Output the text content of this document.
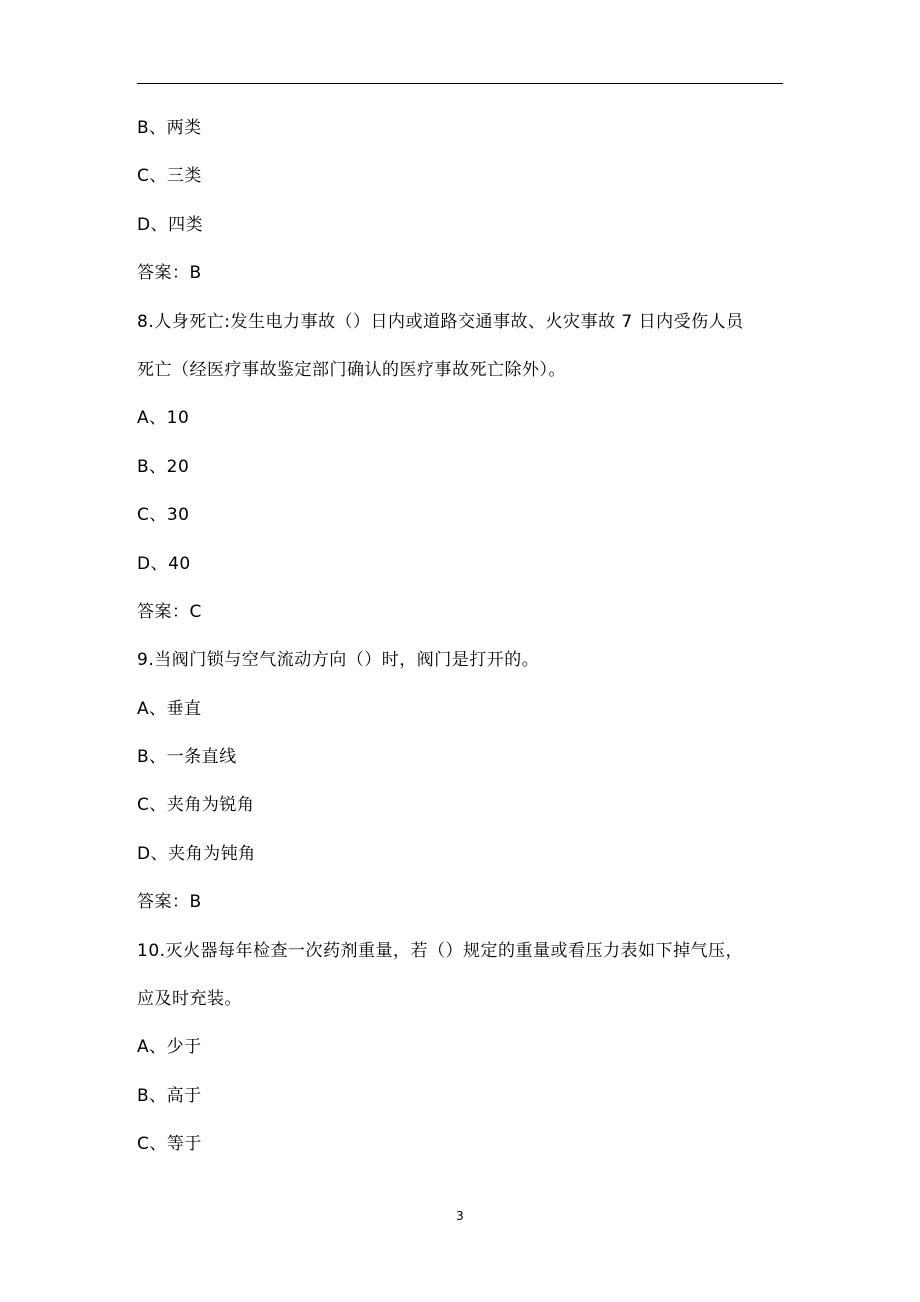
B、两类
C、三类
D、四类
答案：B
8.人身死亡:发生电力事故（）日内或道路交通事故、火灾事故 7 日内受伤人员
死亡（经医疗事故鉴定部门确认的医疗事故死亡除外）。
A、10
B、20
C、30
D、40
答案：C
9.当阀门锁与空气流动方向（）时，阀门是打开的。
A、垂直
B、一条直线
C、夹角为锐角
D、夹角为钝角
答案：B
10.灭火器每年检查一次药剂重量，若（）规定的重量或看压力表如下掉气压，
应及时充装。
A、少于
B、高于
C、等于
3
